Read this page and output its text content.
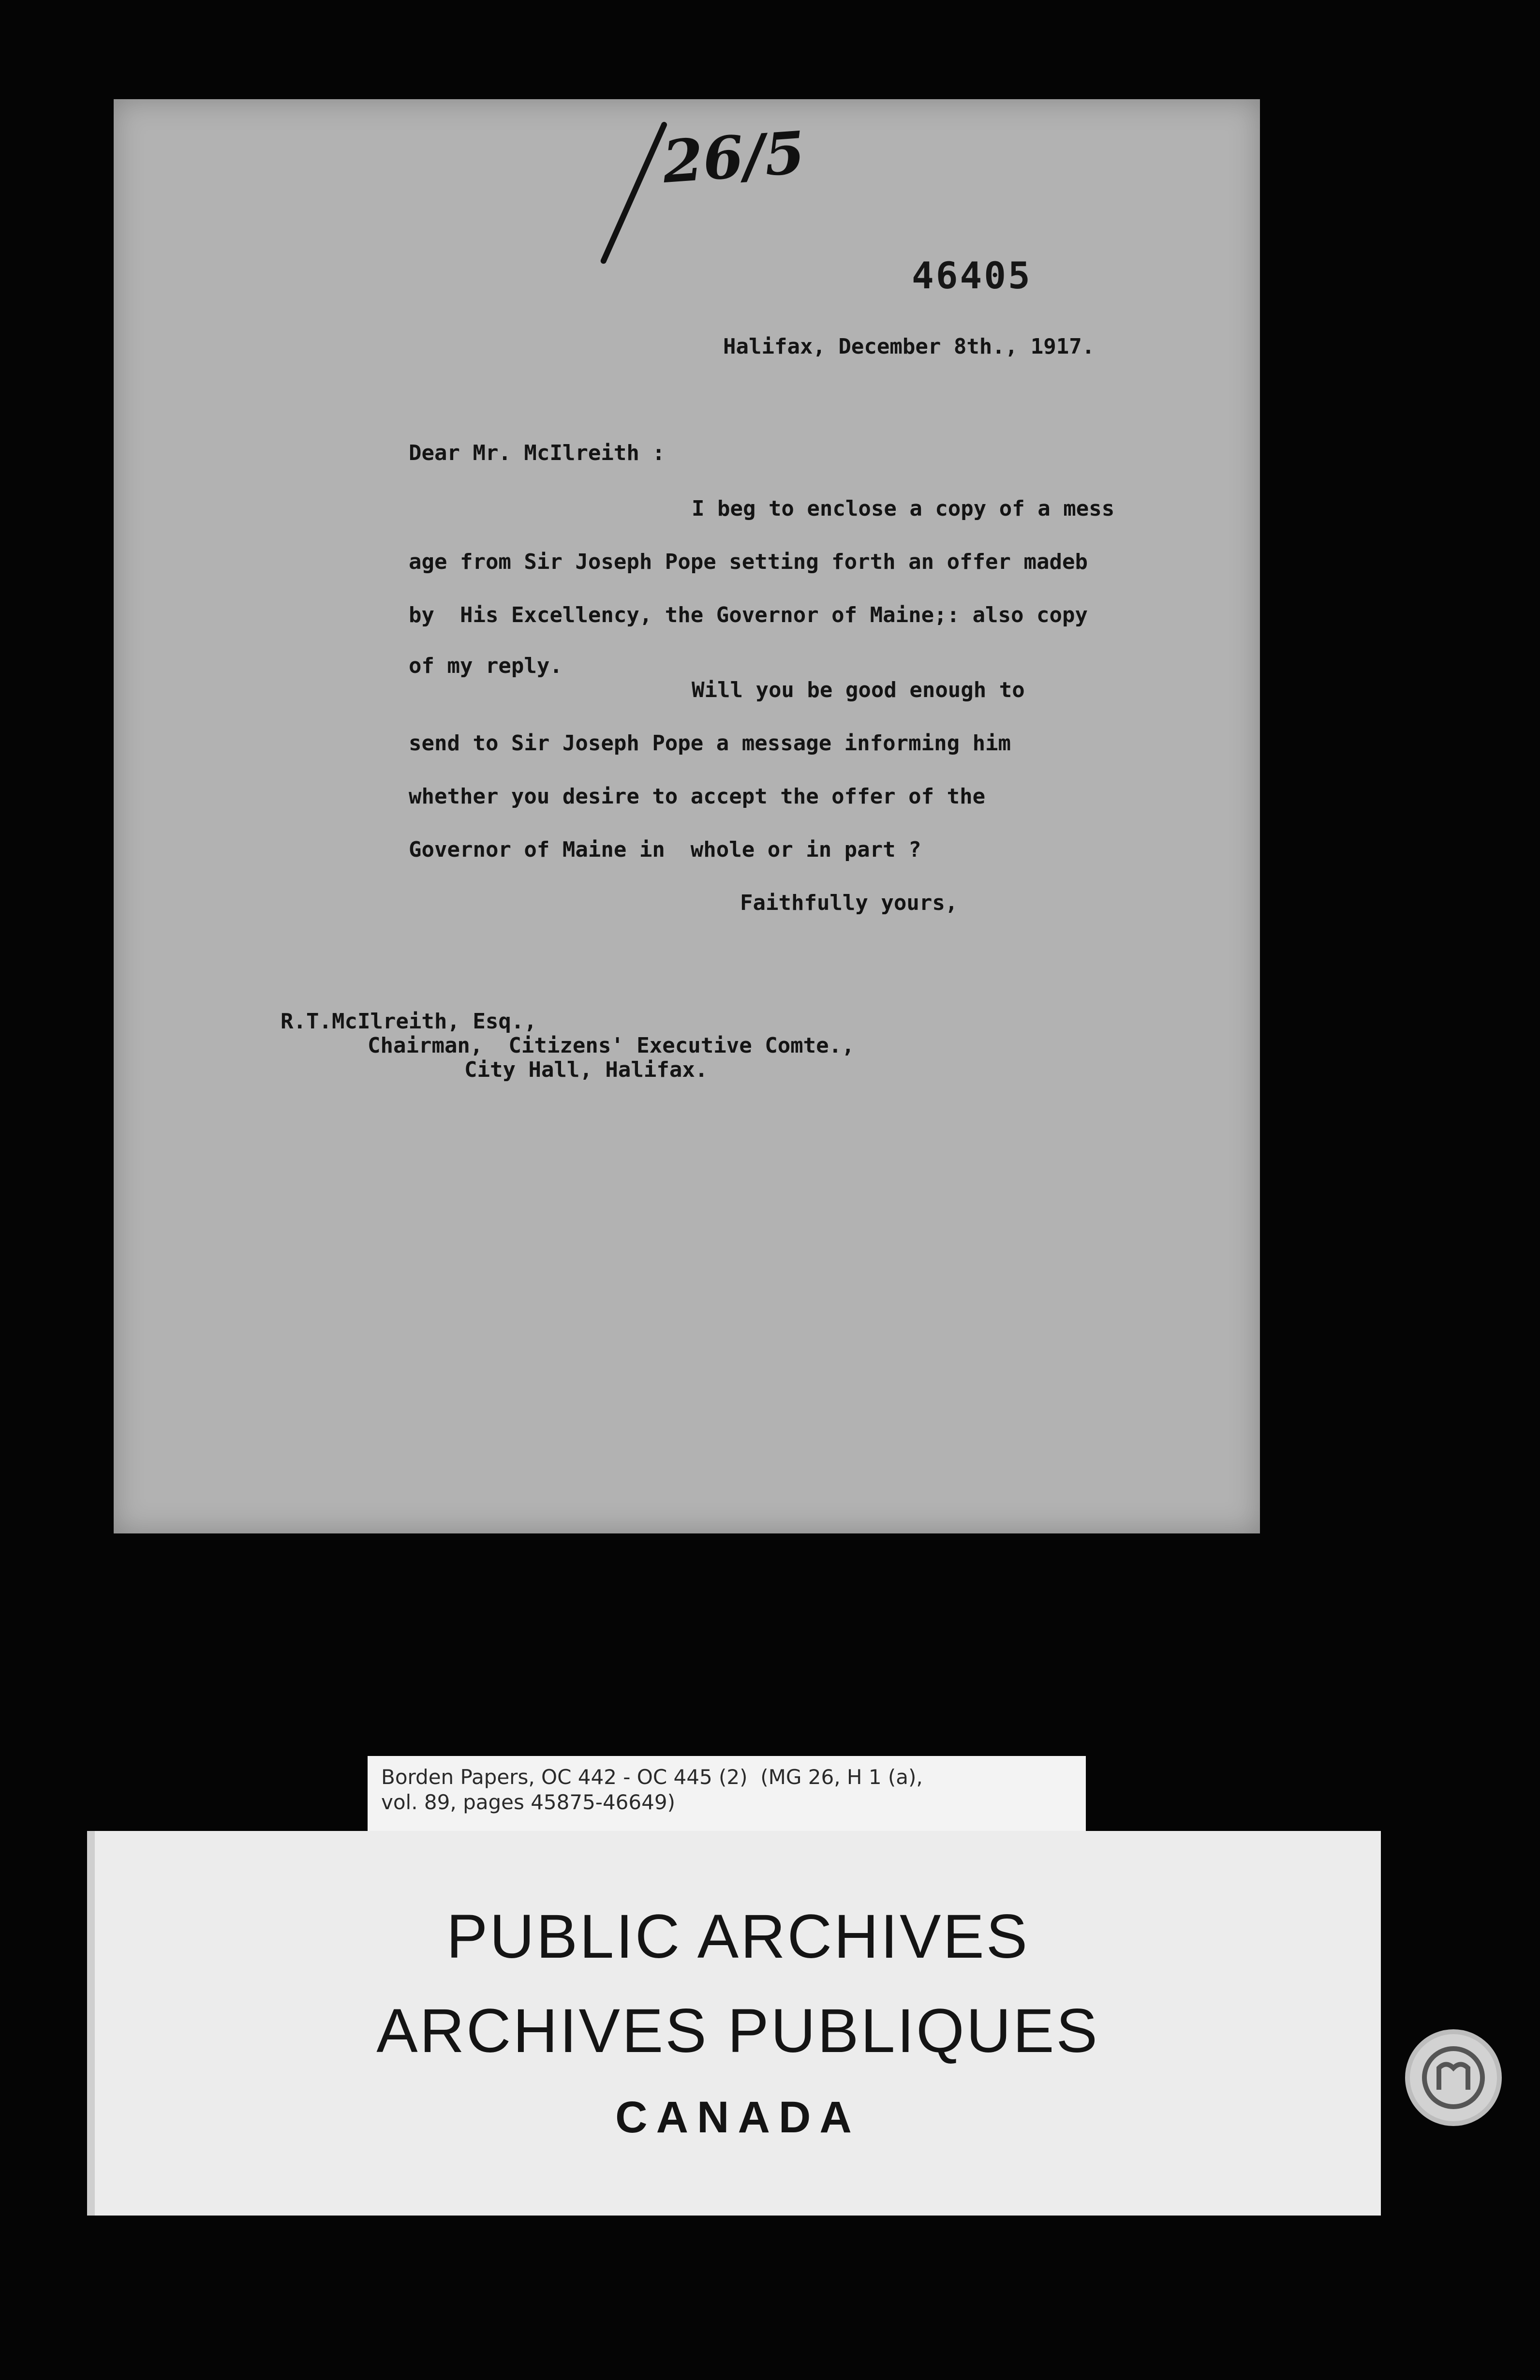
26/5
46405
Halifax, December 8th., 1917.
Dear Mr. McIlreith :
I beg to enclose a copy of a mess
age from Sir Joseph Pope setting forth an offer madeb
by  His Excellency, the Governor of Maine;: also copy
of my reply.
Will you be good enough to
send to Sir Joseph Pope a message informing him
whether you desire to accept the offer of the
Governor of Maine in  whole or in part ?
Faithfully yours,
R.T.McIlreith, Esq.,
Chairman,  Citizens' Executive Comte.,
City Hall, Halifax.
Borden Papers, OC 442 - OC 445 (2)  (MG 26, H 1 (a),
vol. 89, pages 45875-46649)
PUBLIC ARCHIVES
ARCHIVES PUBLIQUES
CANADA
